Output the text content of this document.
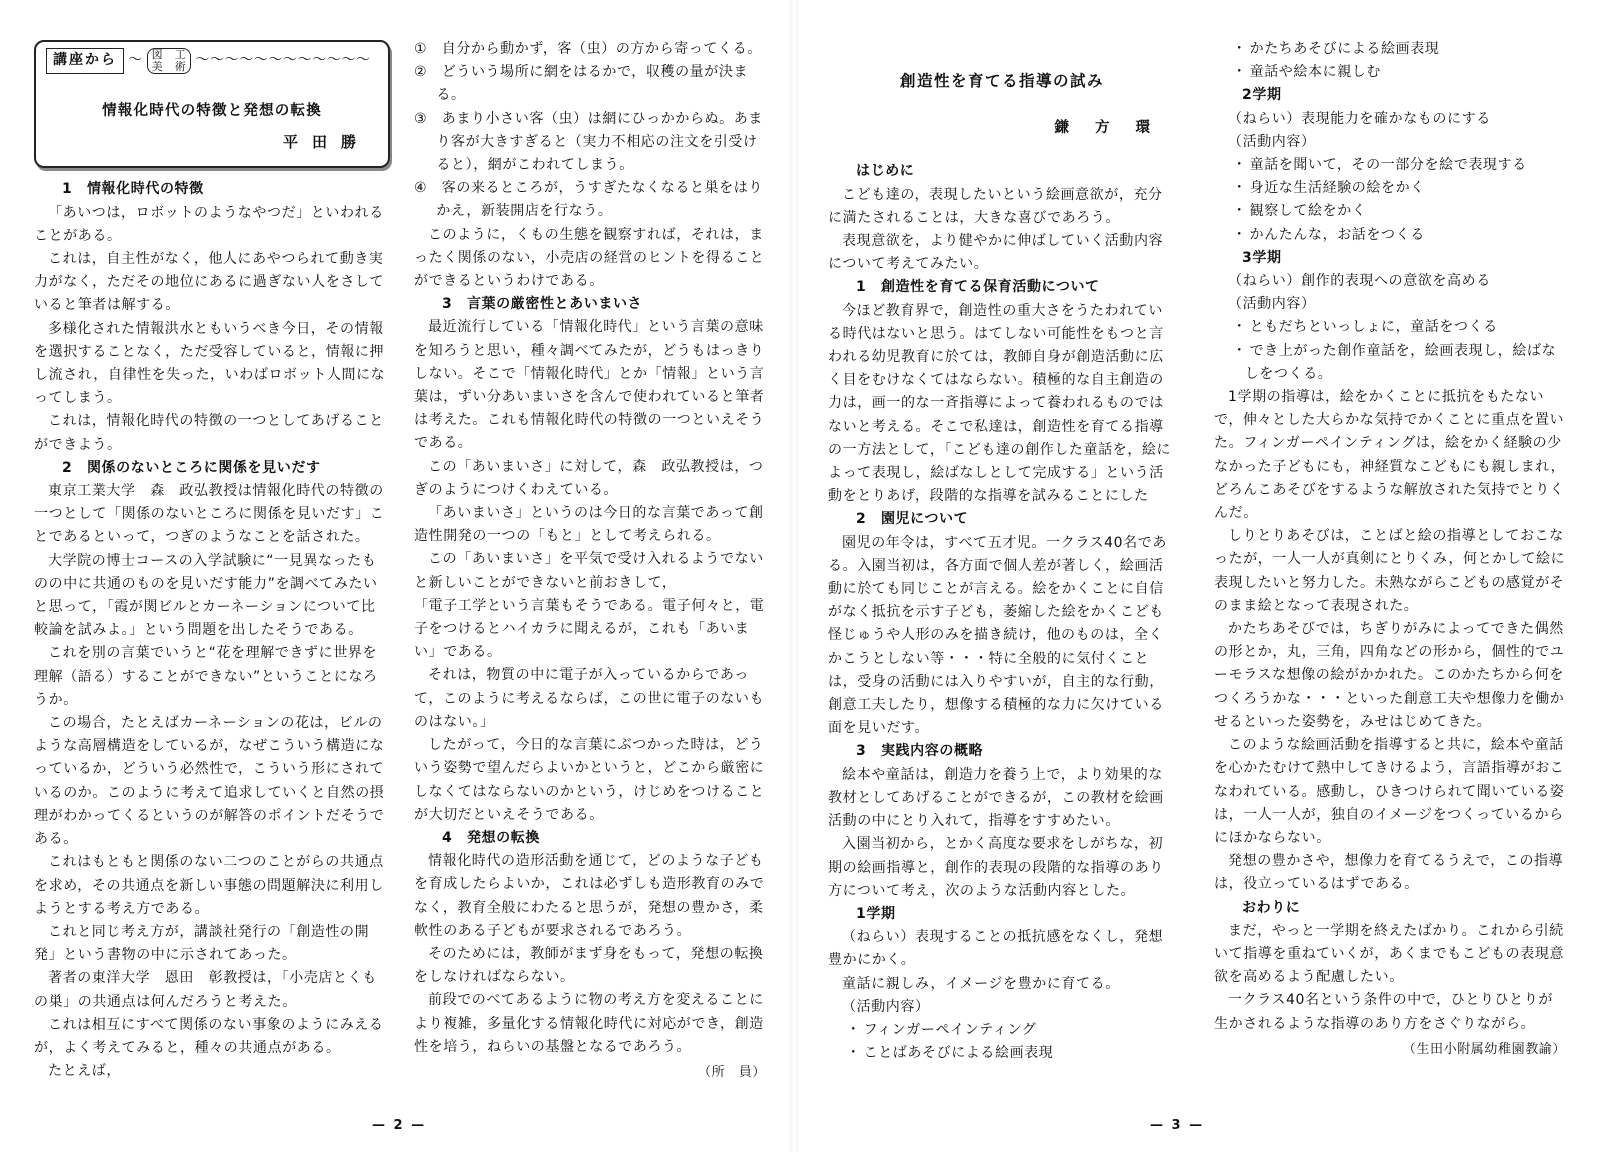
講座から 〜 図　工
美　術 〜〜〜〜〜〜〜〜〜〜〜〜
情報化時代の特徴と発想の転換
平田勝

1　情報化時代の特徴

「あいつは，ロボットのようなやつだ」といわれることがある。

これは，自主性がなく，他人にあやつられて動き実力がなく，ただその地位にあるに過ぎない人をさしていると筆者は解する。

多様化された情報洪水ともいうべき今日，その情報を選択することなく，ただ受容していると，情報に押し流され，自律性を失った，いわばロボット人間になってしまう。

これは，情報化時代の特徴の一つとしてあげることができよう。

2　関係のないところに関係を見いだす

東京工業大学　森　政弘教授は情報化時代の特徴の一つとして「関係のないところに関係を見いだす」ことであるといって，つぎのようなことを話された。

大学院の博士コースの入学試験に“一見異なったものの中に共通のものを見いだす能力”を調べてみたいと思って，「霞が関ビルとカーネーションについて比較論を試みよ。」という問題を出したそうである。

これを別の言葉でいうと“花を理解できずに世界を理解（語る）することができない”ということになろうか。

この場合，たとえばカーネーションの花は，ビルのような高層構造をしているが，なぜこういう構造になっているか，どういう必然性で，こういう形にされているのか。このように考えて追求していくと自然の摂理がわかってくるというのが解答のポイントだそうである。

これはもともと関係のない二つのことがらの共通点を求め，その共通点を新しい事態の問題解決に利用しようとする考え方である。

これと同じ考え方が，講談社発行の「創造性の開発」という書物の中に示されてあった。

著者の東洋大学　恩田　彰教授は，「小売店とくもの巣」の共通点は何んだろうと考えた。

これは相互にすべて関係のない事象のようにみえるが，よく考えてみると，種々の共通点がある。

たとえば，

①　自分から動かず，客（虫）の方から寄ってくる。

②　どういう場所に網をはるかで，収穫の量が決まる。

③　あまり小さい客（虫）は網にひっかからぬ。あまり客が大きすぎると（実力不相応の注文を引受けると），網がこわれてしまう。

④　客の来るところが，うすぎたなくなると巣をはりかえ，新装開店を行なう。

このように，くもの生態を観察すれば，それは，まったく関係のない，小売店の経営のヒントを得ることができるというわけである。

3　言葉の厳密性とあいまいさ

最近流行している「情報化時代」という言葉の意味を知ろうと思い，種々調べてみたが，どうもはっきりしない。そこで「情報化時代」とか「情報」という言葉は，ずい分あいまいさを含んで使われていると筆者は考えた。これも情報化時代の特徴の一つといえそうである。

この「あいまいさ」に対して，森　政弘教授は，つぎのようにつけくわえている。

「あいまいさ」というのは今日的な言葉であって創造性開発の一つの「もと」として考えられる。

この「あいまいさ」を平気で受け入れるようでないと新しいことができないと前おきして，

「電子工学という言葉もそうである。電子何々と，電子をつけるとハイカラに聞えるが，これも「あいまい」である。

それは，物質の中に電子が入っているからであって，このように考えるならば，この世に電子のないものはない。」

したがって，今日的な言葉にぶつかった時は，どういう姿勢で望んだらよいかというと，どこから厳密にしなくてはならないのかという，けじめをつけることが大切だといえそうである。

4　発想の転換

情報化時代の造形活動を通じて，どのような子どもを育成したらよいか，これは必ずしも造形教育のみでなく，教育全般にわたると思うが，発想の豊かさ，柔軟性のある子どもが要求されるであろう。

そのためには，教師がまず身をもって，発想の転換をしなければならない。

前段でのべてあるように物の考え方を変えることにより複雑，多量化する情報化時代に対応ができ，創造性を培う，ねらいの基盤となるであろう。

（所　員）
創造性を育てる指導の試み
鎌方環

はじめに

こども達の，表現したいという絵画意欲が，充分に満たされることは，大きな喜びであろう。

表現意欲を，より健やかに伸ばしていく活動内容について考えてみたい。

1　創造性を育てる保育活動について

今ほど教育界で，創造性の重大さをうたわれている時代はないと思う。はてしない可能性をもつと言われる幼児教育に於ては，教師自身が創造活動に広く目をむけなくてはならない。積極的な自主創造の力は，画一的な一斉指導によって養われるものではないと考える。そこで私達は，創造性を育てる指導の一方法として，「こども達の創作した童話を，絵によって表現し，絵ばなしとして完成する」という活動をとりあげ，段階的な指導を試みることにした

2　園児について

園児の年令は，すべて五才児。一クラス40名である。入園当初は，各方面で個人差が著しく，絵画活動に於ても同じことが言える。絵をかくことに自信がなく抵抗を示す子ども，萎縮した絵をかくこども怪じゅうや人形のみを描き続け，他のものは，全くかこうとしない等・・・特に全般的に気付くことは，受身の活動には入りやすいが，自主的な行動，創意工夫したり，想像する積極的な力に欠けている面を見いだす。

3　実践内容の概略

絵本や童話は，創造力を養う上で，より効果的な教材としてあげることができるが，この教材を絵画活動の中にとり入れて，指導をすすめたい。

入園当初から，とかく高度な要求をしがちな，初期の絵画指導と，創作的表現の段階的な指導のあり方について考え，次のような活動内容とした。

1学期

（ねらい）表現することの抵抗感をなくし，発想豊かにかく。

童話に親しみ，イメージを豊かに育てる。

（活動内容）

・ フィンガーペインティング

・ ことばあそびによる絵画表現

・ かたちあそびによる絵画表現

・ 童話や絵本に親しむ

2学期

（ねらい）表現能力を確かなものにする

（活動内容）

・ 童話を聞いて，その一部分を絵で表現する

・ 身近な生活経験の絵をかく

・ 観察して絵をかく

・ かんたんな，お話をつくる

3学期

（ねらい）創作的表現への意欲を高める

（活動内容）

・ ともだちといっしょに，童話をつくる

・ でき上がった創作童話を，絵画表現し，絵ばなしをつくる。

1学期の指導は，絵をかくことに抵抗をもたないで，伸々とした大らかな気持でかくことに重点を置いた。フィンガーペインティングは，絵をかく経験の少なかった子どもにも，神経質なこどもにも親しまれ，どろんこあそびをするような解放された気持でとりくんだ。

しりとりあそびは，ことばと絵の指導としておこなったが，一人一人が真剣にとりくみ，何とかして絵に表現したいと努力した。未熟ながらこどもの感覚がそのまま絵となって表現された。

かたちあそびでは，ちぎりがみによってできた偶然の形とか，丸，三角，四角などの形から，個性的でユーモラスな想像の絵がかかれた。このかたちから何をつくろうかな・・・といった創意工夫や想像力を働かせるといった姿勢を，みせはじめてきた。

このような絵画活動を指導すると共に，絵本や童話を心かたむけて熱中してきけるよう，言語指導がおこなわれている。感動し，ひきつけられて聞いている姿は，一人一人が，独自のイメージをつくっているからにほかならない。

発想の豊かさや，想像力を育てるうえで，この指導は，役立っているはずである。

おわりに

まだ，やっと一学期を終えたばかり。これから引続いて指導を重ねていくが，あくまでもこどもの表現意欲を高めるよう配慮したい。

一クラス40名という条件の中で，ひとりひとりが生かされるような指導のあり方をさぐりながら。

（生田小附属幼稚園教諭）
— 2 —	— 3 —
